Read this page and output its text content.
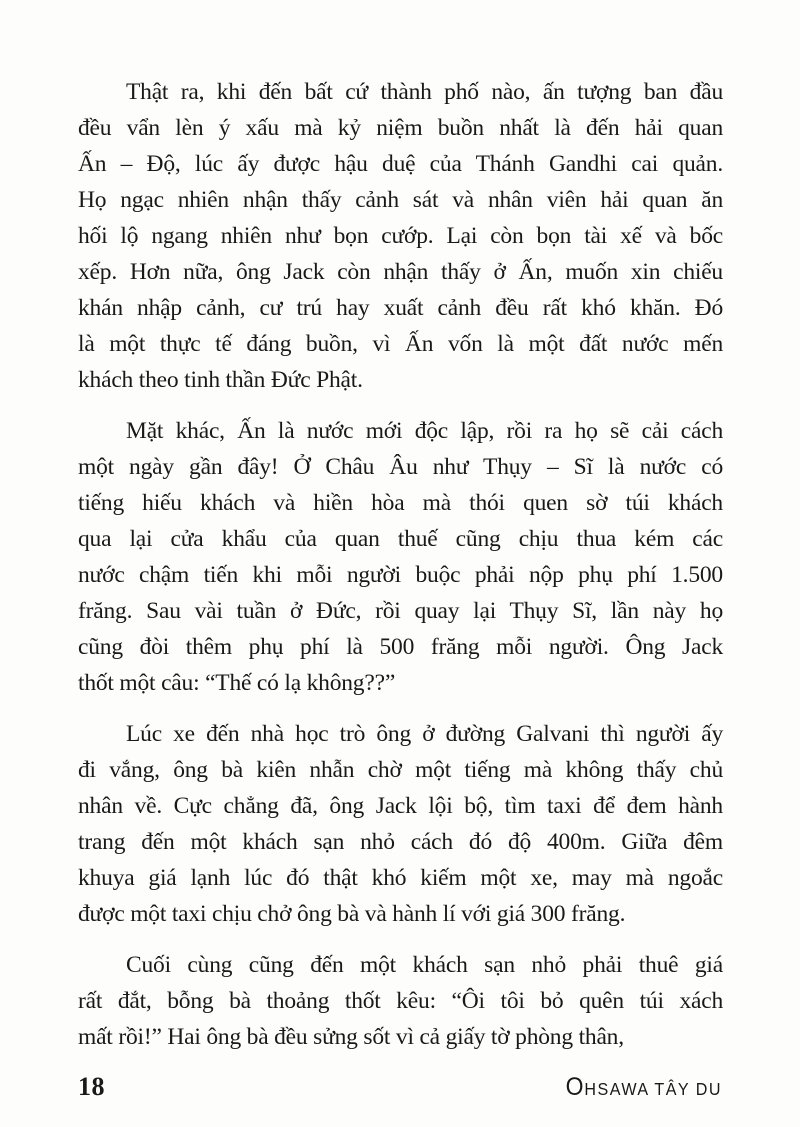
Thật ra, khi đến bất cứ thành phố nào, ấn tượng ban đầu
đều vẩn lèn ý xấu mà kỷ niệm buồn nhất là đến hải quan
Ấn – Độ, lúc ấy được hậu duệ của Thánh Gandhi cai quản.
Họ ngạc nhiên nhận thấy cảnh sát và nhân viên hải quan ăn
hối lộ ngang nhiên như bọn cướp. Lại còn bọn tài xế và bốc
xếp. Hơn nữa, ông Jack còn nhận thấy ở Ấn, muốn xin chiếu
khán nhập cảnh, cư trú hay xuất cảnh đều rất khó khăn. Đó
là một thực tế đáng buồn, vì Ấn vốn là một đất nước mến
khách theo tinh thần Đức Phật.
Mặt khác, Ấn là nước mới độc lập, rồi ra họ sẽ cải cách
một ngày gần đây! Ở Châu Âu như Thụy – Sĩ là nước có
tiếng hiếu khách và hiền hòa mà thói quen sờ túi khách
qua lại cửa khẩu của quan thuế cũng chịu thua kém các
nước chậm tiến khi mỗi người buộc phải nộp phụ phí 1.500
frăng. Sau vài tuần ở Đức, rồi quay lại Thụy Sĩ, lần này họ
cũng đòi thêm phụ phí là 500 frăng mỗi người. Ông Jack
thốt một câu: “Thế có lạ không??”
Lúc xe đến nhà học trò ông ở đường Galvani thì người ấy
đi vắng, ông bà kiên nhẫn chờ một tiếng mà không thấy chủ
nhân về. Cực chẳng đã, ông Jack lội bộ, tìm taxi để đem hành
trang đến một khách sạn nhỏ cách đó độ 400m. Giữa đêm
khuya giá lạnh lúc đó thật khó kiếm một xe, may mà ngoắc
được một taxi chịu chở ông bà và hành lí với giá 300 frăng.
Cuối cùng cũng đến một khách sạn nhỏ phải thuê giá
rất đắt, bỗng bà thoảng thốt kêu: “Ôi tôi bỏ quên túi xách
mất rồi!” Hai ông bà đều sửng sốt vì cả giấy tờ phòng thân,
18	OHSAWA TÂY DU
